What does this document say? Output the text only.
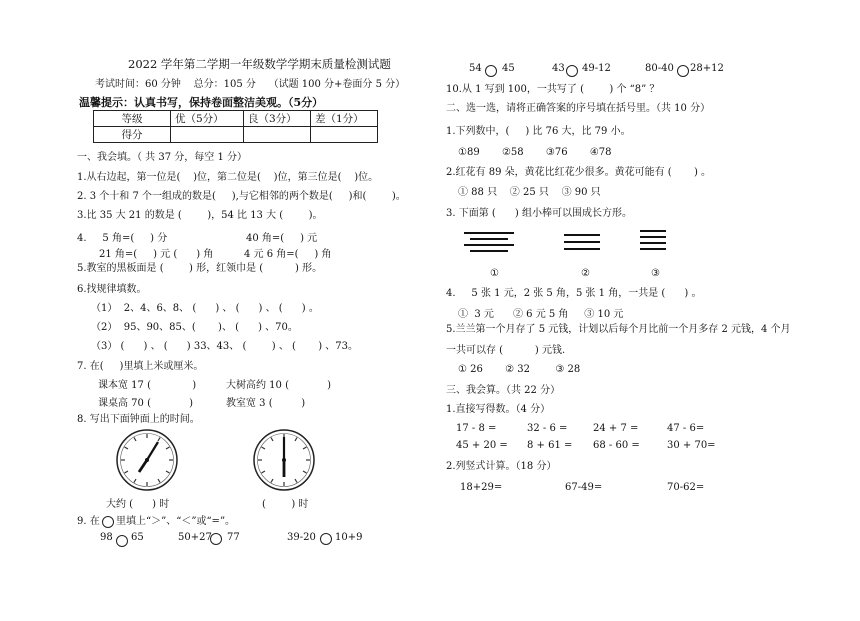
2022 学年第二学期一年级数学学期末质量检测试题
考试时间：60 分钟    总分：105 分    （试题 100 分+卷面分 5 分）
温馨提示：认真书写，保持卷面整洁美观。（5分）
等级	优（5分）	良（3分）	差（1分）
得分			
一、我会填。（ 共 37 分，每空 1 分）
1.从右边起，第一位是(    )位，第二位是(    )位，第三位是(    )位。
2. 3 个十和 7 个一组成的数是(     ),与它相邻的两个数是(     )和(        )。
3.比 35 大 21 的数是 (        )，54 比 13 大 (        )。
4.     5 角=(     ) 分	40 角=(     ) 元
21 角=(     ) 元 (      ) 角	4 元 6 角=(     ) 角
5.教室的黑板面是 (        ) 形，红领巾是 (          ) 形。
6.找规律填数。
（1）  2、4、6、8、 (      ) 、 (      ) 、 (      ) 。
（2）  95、90、85、(       )、 (      ) 、70。
（3） (      ) 、 (      ) 33、43、 (        ) 、 (       ) 、73。
7. 在(     )里填上米或厘米。
课本宽 17 (             )	大树高约 10 (            )
课桌高 70 (            )	教室宽 3 (         )
8. 写出下面钟面上的时间。
大约 (      ) 时	(        ) 时
9. 在 里填上“＞”、“＜”或“=”。
98 65	50+27 77	39-20 10+9
54 45	43 49-12	80-40 28+12
10.从 1 写到 100，一共写了 (        ) 个 “8” ？
二、选一选，请将正确答案的序号填在括号里。（共 10 分）
1.下列数中，(     ) 比 76 大，比 79 小。
①89       ②58       ③76       ④78
2.红花有 89 朵，黄花比红花少很多。黄花可能有 (       ) 。
① 88 只    ② 25 只    ③ 90 只
3. 下面第 (      ) 组小棒可以围成长方形。
①	②	③
4.     5 张 1 元，2 张 5 角，5 张 1 角，一共是 (      ) 。
①  3 元      ② 6 元 5 角     ③ 10 元
5.兰兰第一个月存了 5 元钱，计划以后每个月比前一个月多存 2 元钱，4 个月
一共可以存 (          ) 元钱.
① 26       ② 32        ③ 28
三、我会算。（共 22 分）
1.直接写得数。（4 分）
17 - 8 =	32 - 6 =	24 + 7 =	47 - 6=
45 + 20 = 8 + 61 = 68 - 60 =	30 + 70=
2.列竖式计算。（18 分）
18+29=	67-49=	70-62=
